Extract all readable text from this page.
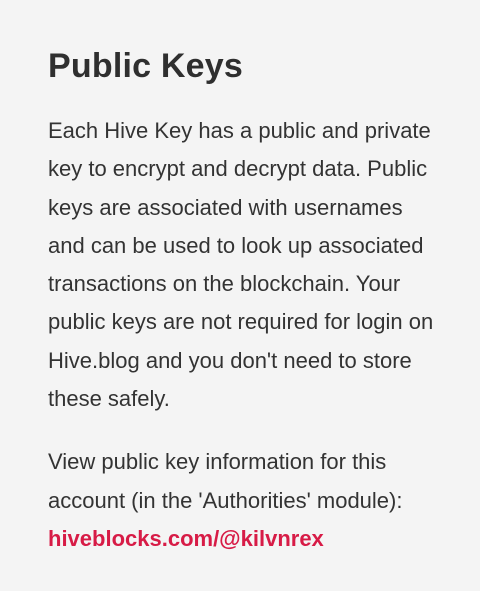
Public Keys

Each Hive Key has a public and private key to encrypt and decrypt data. Public keys are associated with usernames and can be used to look up associated transactions on the blockchain. Your public keys are not required for login on Hive.blog and you don't need to store these safely.

View public key information for this account (in the 'Authorities' module):
hiveblocks.com/@kilvnrex
